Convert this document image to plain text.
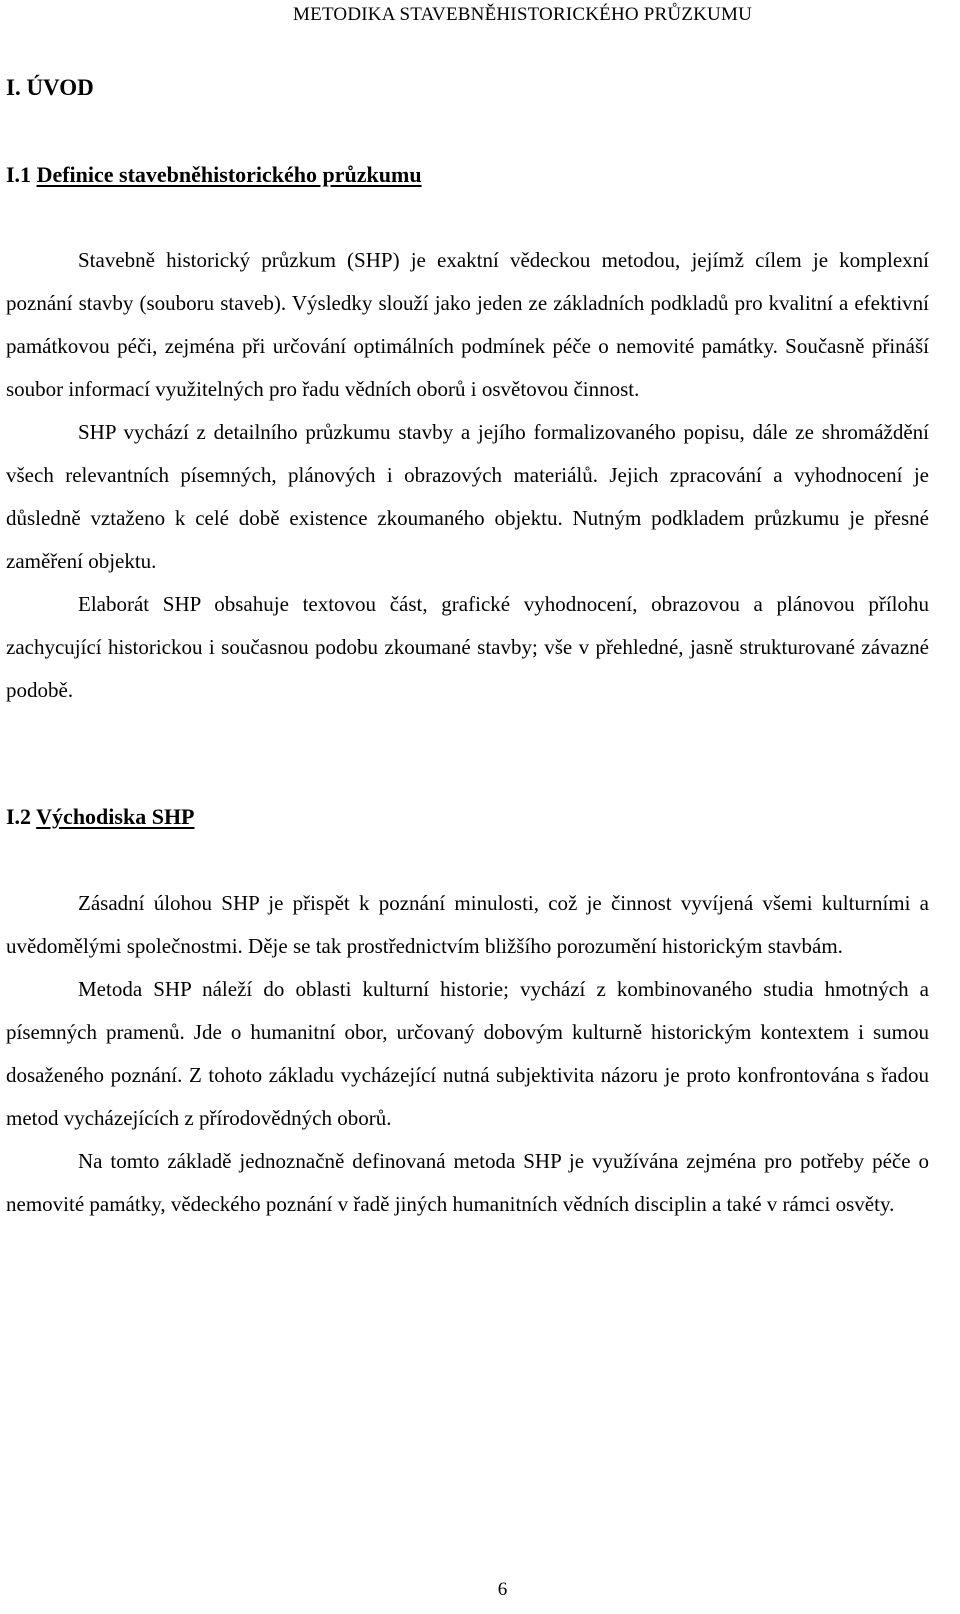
METODIKA STAVEBNĚHISTORICKÉHO PRŮZKUMU
I. ÚVOD
I.1 Definice stavebněhistorického průzkumu

Stavebně historický průzkum (SHP) je exaktní vědeckou metodou, jejímž cílem je komplexní poznání stavby (souboru staveb). Výsledky slouží jako jeden ze základních podkladů pro kvalitní a efektivní památkovou péči, zejména při určování optimálních podmínek péče o nemovité památky. Současně přináší soubor informací využitelných pro řadu vědních oborů i osvětovou činnost.

SHP vychází z detailního průzkumu stavby a jejího formalizovaného popisu, dále ze shromáždění všech relevantních písemných, plánových i obrazových materiálů. Jejich zpracování a vyhodnocení je důsledně vztaženo k celé době existence zkoumaného objektu. Nutným podkladem průzkumu je přesné zaměření objektu.

Elaborát SHP obsahuje textovou část, grafické vyhodnocení, obrazovou a plánovou přílohu zachycující historickou i současnou podobu zkoumané stavby; vše v přehledné, jasně strukturované závazné podobě.

I.2 Východiska SHP

Zásadní úlohou SHP je přispět k poznání minulosti, což je činnost vyvíjená všemi kulturními a uvědomělými společnostmi. Děje se tak prostřednictvím bližšího porozumění historickým stavbám.

Metoda SHP náleží do oblasti kulturní historie; vychází z kombinovaného studia hmotných a písemných pramenů. Jde o humanitní obor, určovaný dobovým kulturně historickým kontextem i sumou dosaženého poznání. Z tohoto základu vycházející nutná subjektivita názoru je proto konfrontována s řadou metod vycházejících z přírodovědných oborů.

Na tomto základě jednoznačně definovaná metoda SHP je využívána zejména pro potřeby péče o nemovité památky, vědeckého poznání v řadě jiných humanitních vědních disciplin a také v rámci osvěty.

6
